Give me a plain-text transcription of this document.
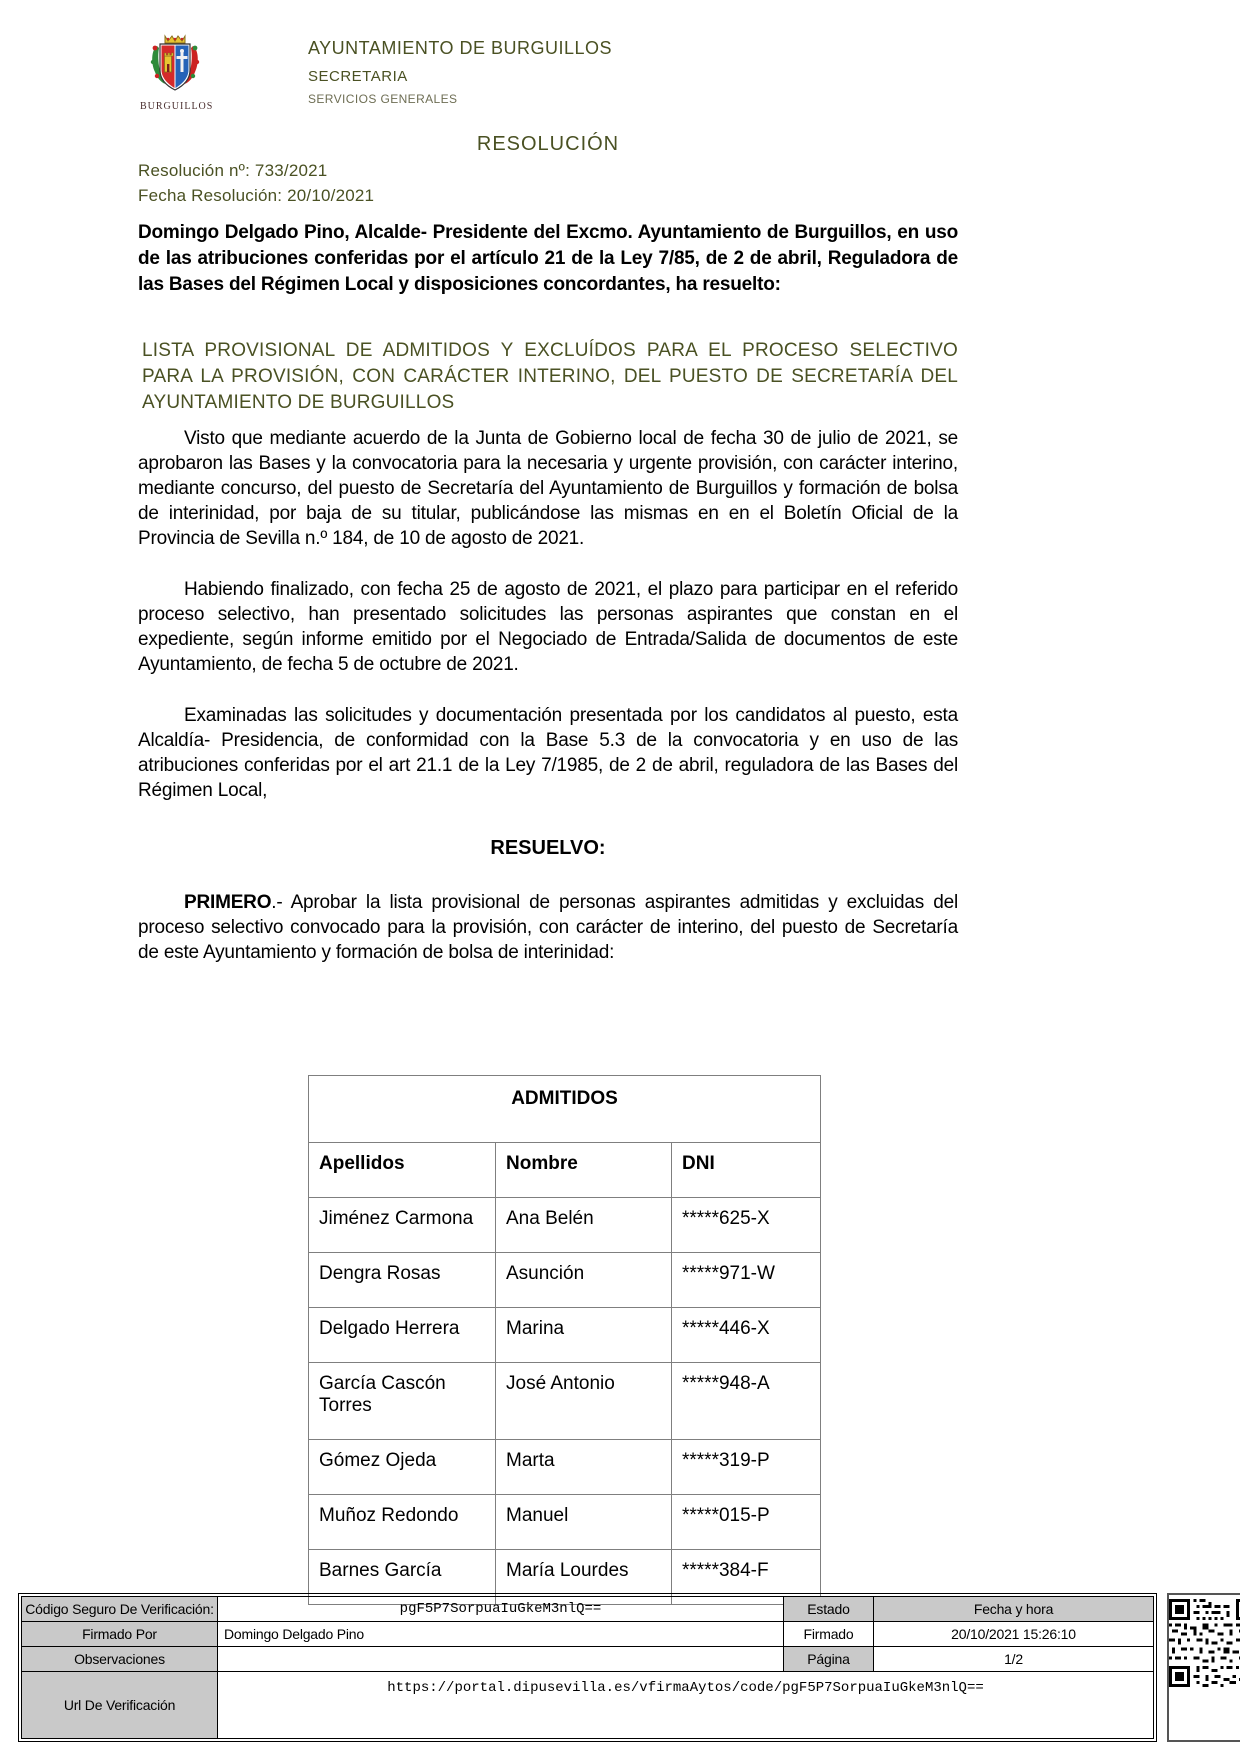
BURGUILLOS
AYUNTAMIENTO DE BURGUILLOS
SECRETARIA
SERVICIOS GENERALES
RESOLUCIÓN
Resolución nº: 733/2021
Fecha Resolución: 20/10/2021

Domingo Delgado Pino, Alcalde- Presidente del Excmo. Ayuntamiento de Burguillos, en uso de las atribuciones conferidas por el artículo 21 de la Ley 7/85, de 2 de abril, Reguladora de las Bases del Régimen Local y disposiciones concordantes, ha resuelto:

LISTA PROVISIONAL DE ADMITIDOS Y EXCLUÍDOS PARA EL PROCESO SELECTIVO PARA LA PROVISIÓN, CON CARÁCTER INTERINO, DEL PUESTO DE SECRETARÍA DEL AYUNTAMIENTO DE BURGUILLOS

Visto que mediante acuerdo de la Junta de Gobierno local de fecha 30 de julio de 2021, se aprobaron las Bases y la convocatoria para la necesaria y urgente provisión, con carácter interino, mediante concurso, del puesto de Secretaría del Ayuntamiento de Burguillos y formación de bolsa de interinidad, por baja de su titular, publicándose las mismas en en el Boletín Oficial de la Provincia de Sevilla n.º 184, de 10 de agosto de 2021.

Habiendo finalizado, con fecha 25 de agosto de 2021, el plazo para participar en el referido proceso selectivo, han presentado solicitudes las personas aspirantes que constan en el expediente, según informe emitido por el Negociado de Entrada/Salida de documentos de este Ayuntamiento, de fecha 5 de octubre de 2021.

Examinadas las solicitudes y documentación presentada por los candidatos al puesto, esta Alcaldía- Presidencia, de conformidad con la Base 5.3 de la convocatoria y en uso de las atribuciones conferidas por el art 21.1 de la Ley 7/1985, de 2 de abril, reguladora de las Bases del Régimen Local,

RESUELVO:

PRIMERO.- Aprobar la lista provisional de personas aspirantes admitidas y excluidas del proceso selectivo convocado para la provisión, con carácter de interino, del puesto de Secretaría de este Ayuntamiento y formación de bolsa de interinidad:

ADMITIDOS		
Apellidos	Nombre	DNI
Jiménez Carmona	Ana Belén	*****625-X
Dengra Rosas	Asunción	*****971-W
Delgado Herrera	Marina	*****446-X
García Cascón Torres	José Antonio	*****948-A
Gómez Ojeda	Marta	*****319-P
Muñoz Redondo	Manuel	*****015-P
Barnes García	María Lourdes	*****384-F
Código Seguro De Verificación:	pgF5P7SorpuaIuGkeM3nlQ==	Estado	Fecha y hora
Firmado Por	Domingo Delgado Pino	Firmado	20/10/2021 15:26:10
Observaciones		Página	1/2
Url De Verificación	https://portal.dipusevilla.es/vfirmaAytos/code/pgF5P7SorpuaIuGkeM3nlQ==		
